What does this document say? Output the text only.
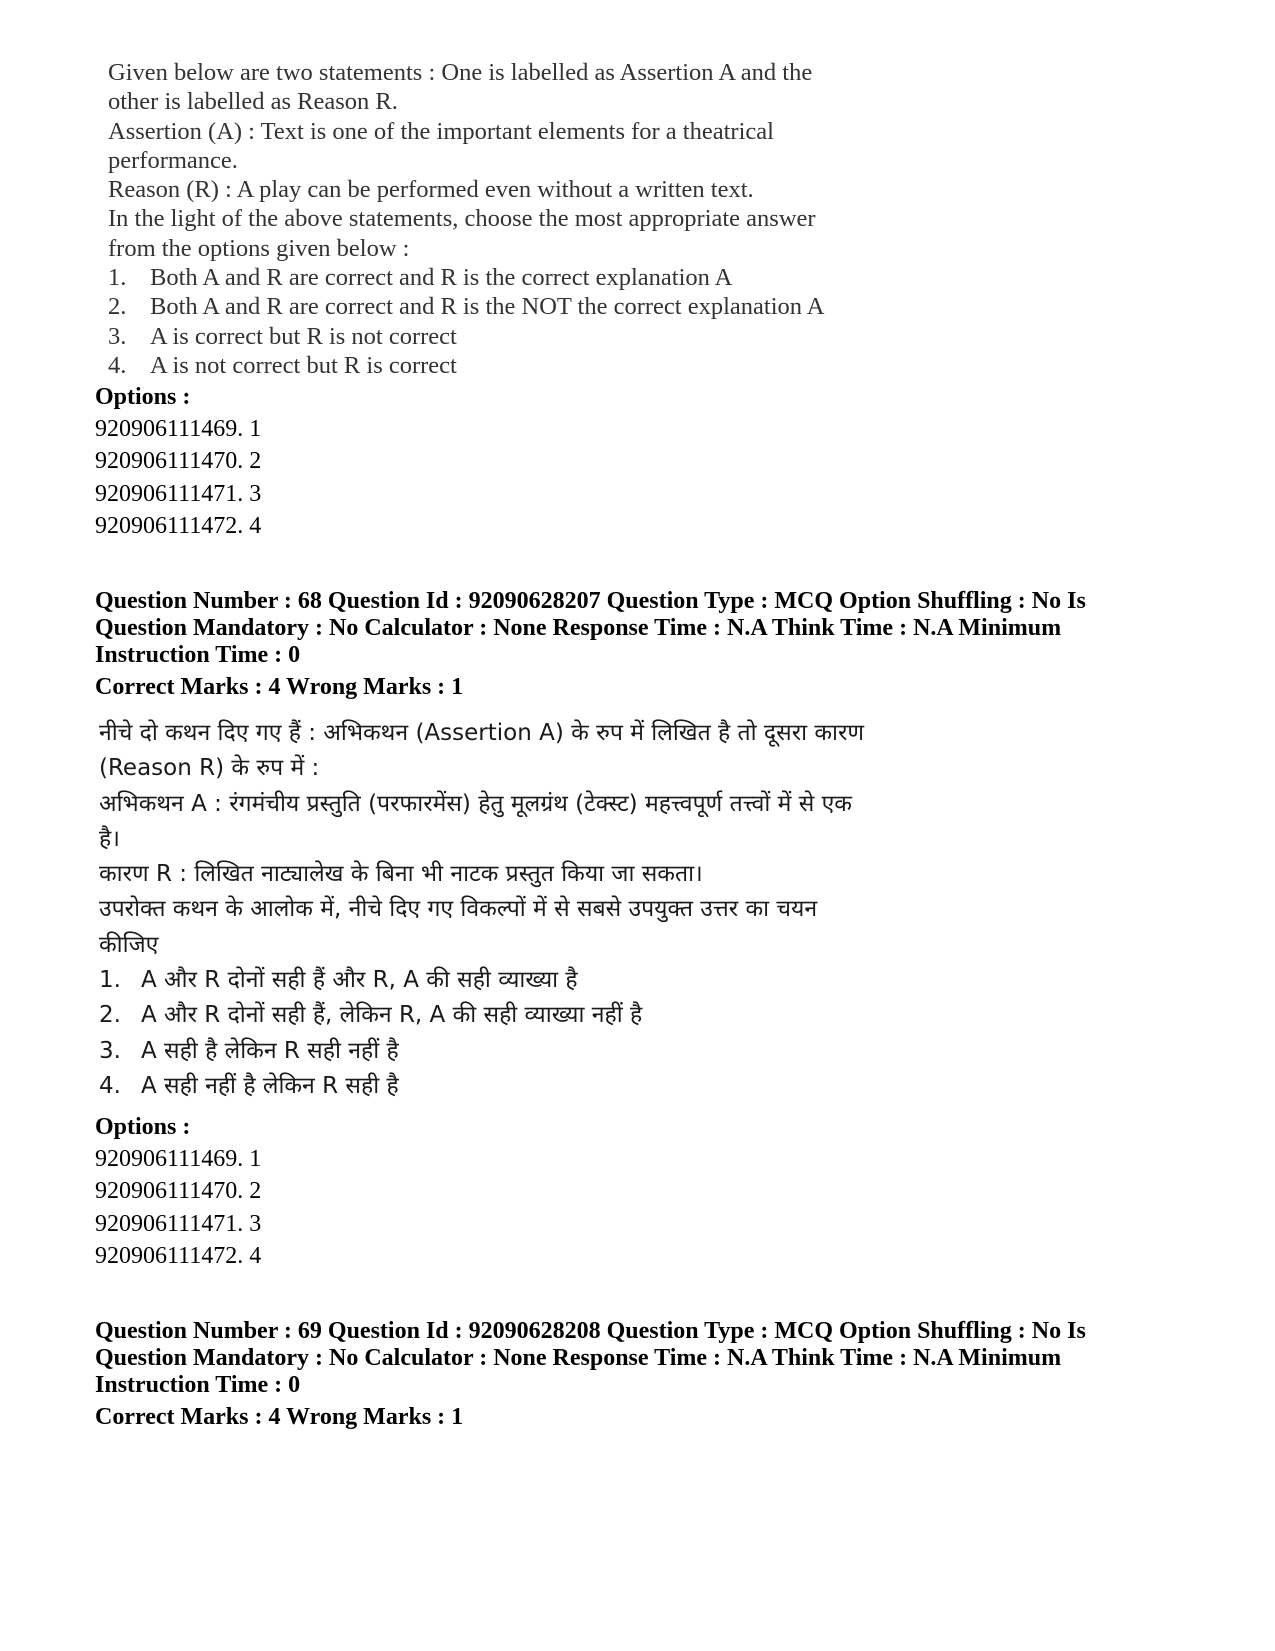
Given below are two statements : One is labelled as Assertion A and the

other is labelled as Reason R.

Assertion (A) : Text is one of the important elements for a theatrical

performance.

Reason (R) : A play can be performed even without a written text.

In the light of the above statements, choose the most appropriate answer

from the options given below :

1. Both A and R are correct and R is the correct explanation A
2. Both A and R are correct and R is the NOT the correct explanation A
3. A is correct but R is not correct
4. A is not correct but R is correct
Options :
920906111469. 1
920906111470. 2
920906111471. 3
920906111472. 4
Question Number : 68 Question Id : 92090628207 Question Type : MCQ Option Shuffling : No Is
Question Mandatory : No Calculator : None Response Time : N.A Think Time : N.A Minimum
Instruction Time : 0
Correct Marks : 4 Wrong Marks : 1

नीचे दो कथन दिए गए हैं : अभिकथन (Assertion A) के रुप में लिखित है तो दूसरा कारण

(Reason R) के रुप में :

अभिकथन A : रंगमंचीय प्रस्तुति (परफारमेंस) हेतु मूलग्रंथ (टेक्स्ट) महत्त्वपूर्ण तत्त्वों में से एक

है।

कारण R : लिखित नाट्यालेख के बिना भी नाटक प्रस्तुत किया जा सकता।

उपरोक्त कथन के आलोक में, नीचे दिए गए विकल्पों में से सबसे उपयुक्त उत्तर का चयन

कीजिए

1. A और R दोनों सही हैं और R, A की सही व्याख्या है
2. A और R दोनों सही हैं, लेकिन R, A की सही व्याख्या नहीं है
3. A सही है लेकिन R सही नहीं है
4. A सही नहीं है लेकिन R सही है
Options :
920906111469. 1
920906111470. 2
920906111471. 3
920906111472. 4
Question Number : 69 Question Id : 92090628208 Question Type : MCQ Option Shuffling : No Is
Question Mandatory : No Calculator : None Response Time : N.A Think Time : N.A Minimum
Instruction Time : 0
Correct Marks : 4 Wrong Marks : 1
